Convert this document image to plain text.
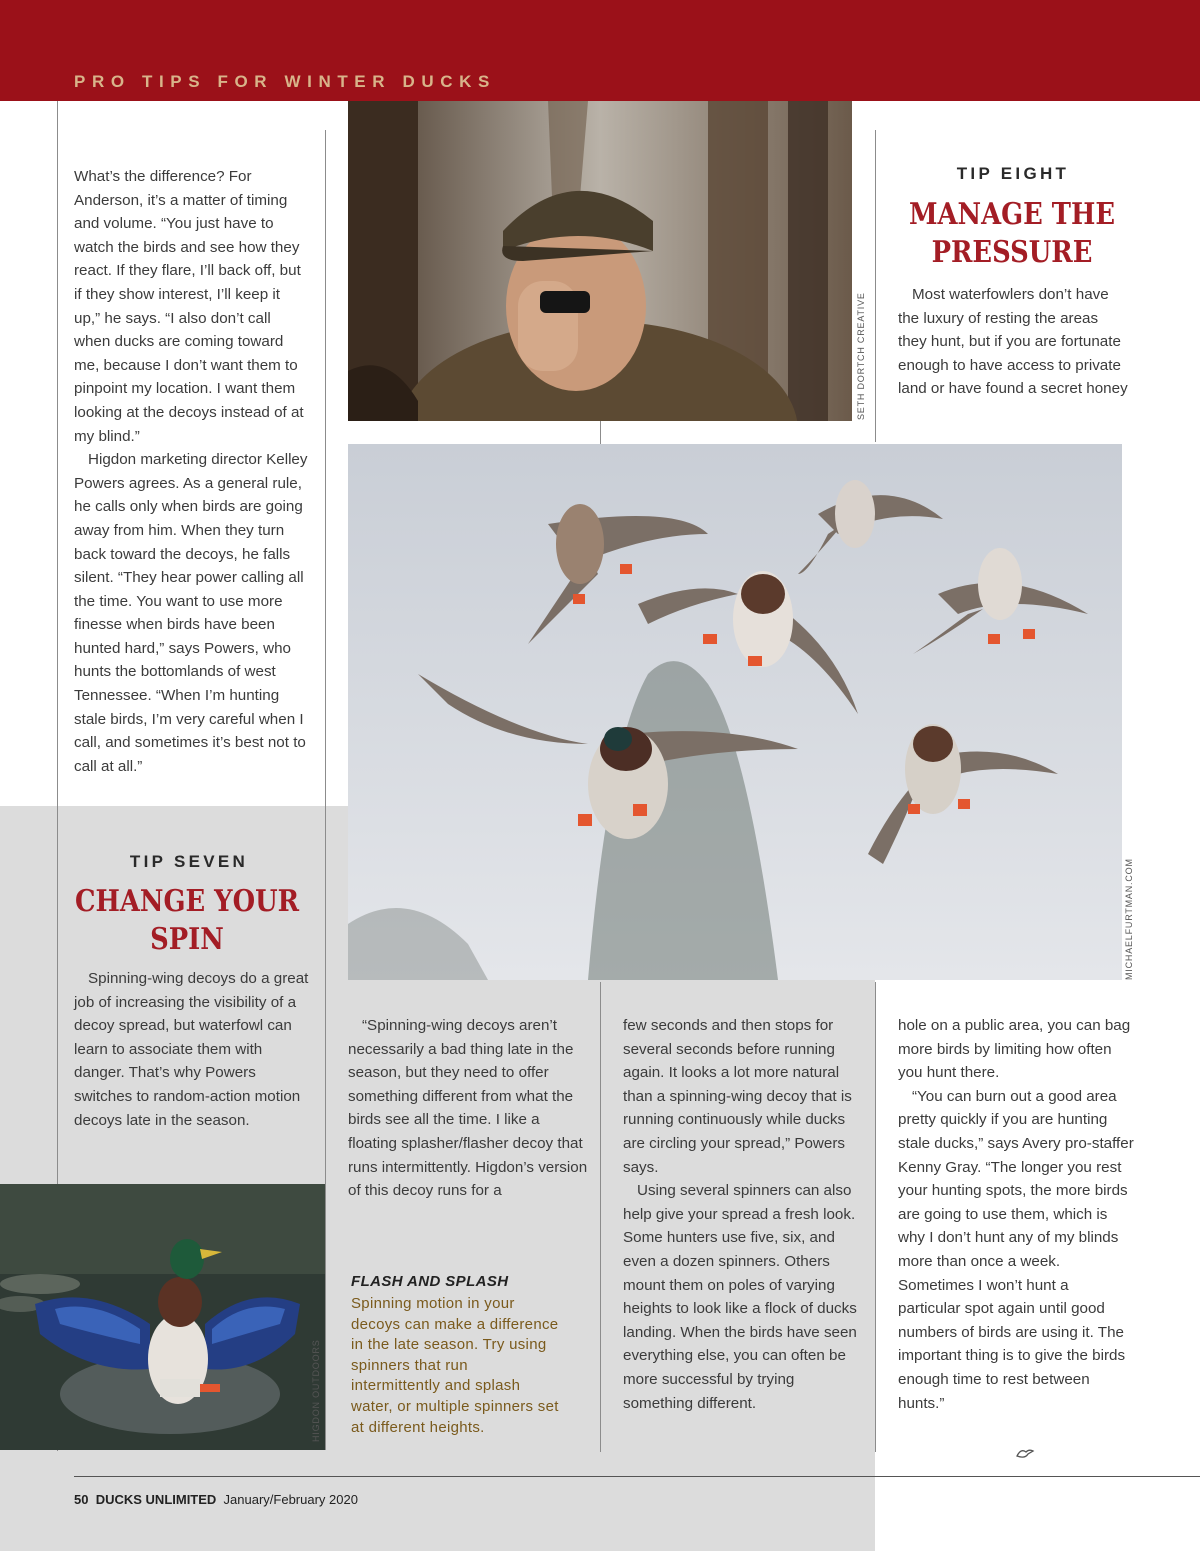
PRO TIPS FOR WINTER DUCKS

What’s the difference? For Anderson, it’s a matter of timing and volume. “You just have to watch the birds and see how they react. If they flare, I’ll back off, but if they show interest, I’ll keep it up,” he says. “I also don’t call when ducks are coming toward me, because I don’t want them to pinpoint my location. I want them looking at the decoys instead of at my blind.”

Higdon marketing director Kelley Powers agrees. As a general rule, he calls only when birds are going away from him. When they turn back toward the decoys, he falls silent. “They hear power calling all the time. You want to use more finesse when birds have been hunted hard,” says Powers, who hunts the bottomlands of west Tennessee. “When I’m hunting stale birds, I’m very careful when I call, and sometimes it’s best not to call at all.”

TIP SEVEN
CHANGE YOUR
SPIN

Spinning-wing decoys do a great job of increasing the visibility of a decoy spread, but waterfowl can learn to associate them with danger. That’s why Powers switches to random-action motion decoys late in the season.

SETH DORTCH CREATIVE
TIP EIGHT
MANAGE THE
PRESSURE

Most waterfowlers don’t have the luxury of resting the areas they hunt, but if you are fortunate enough to have access to private land or have found a secret honey

MICHAELFURTMAN.COM
HIGDON OUTDOORS

“Spinning-wing decoys aren’t necessarily a bad thing late in the season, but they need to offer something different from what the birds see all the time. I like a floating splasher/flasher decoy that runs intermittently. Higdon’s version of this decoy runs for a

FLASH AND SPLASH
Spinning motion in your decoys can make a difference in the late season. Try using spinners that run intermittently and splash water, or multiple spinners set at different heights.

few seconds and then stops for several seconds before running again. It looks a lot more natural than a spinning-wing decoy that is running continuously while ducks are circling your spread,” Powers says.

Using several spinners can also help give your spread a fresh look. Some hunters use five, six, and even a dozen spinners. Others mount them on poles of varying heights to look like a flock of ducks landing. When the birds have seen everything else, you can often be more successful by trying something different.

hole on a public area, you can bag more birds by limiting how often you hunt there.

“You can burn out a good area pretty quickly if you are hunting stale ducks,” says Avery pro-staffer Kenny Gray. “The longer you rest your hunting spots, the more birds are going to use them, which is why I don’t hunt any of my blinds more than once a week. Sometimes I won’t hunt a particular spot again until good numbers of birds are using it. The important thing is to give the birds enough time to rest between hunts.”

50 DUCKS UNLIMITED January/February 2020
